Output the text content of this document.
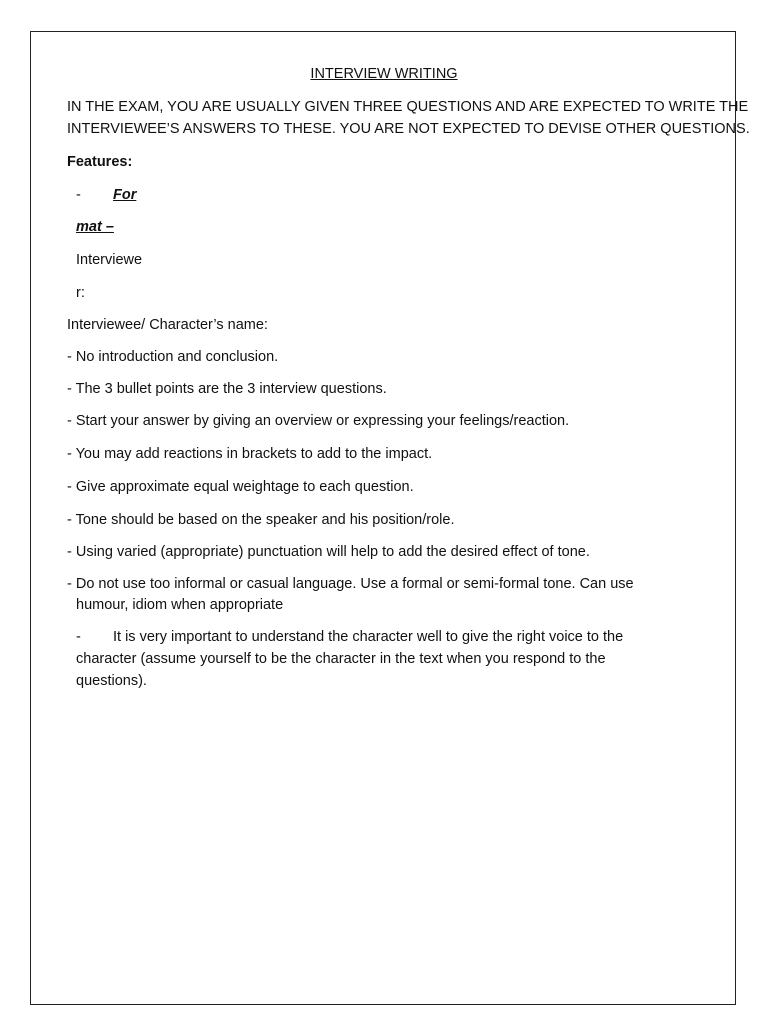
INTERVIEW WRITING

IN THE EXAM, YOU ARE USUALLY GIVEN THREE QUESTIONS AND ARE EXPECTED TO WRITE THE

INTERVIEWEE’S ANSWERS TO THESE. YOU ARE NOT EXPECTED TO DEVISE OTHER QUESTIONS.

Features:

- For

mat –

Interviewe

r:

Interviewee/ Character’s name:

- No introduction and conclusion.

- The 3 bullet points are the 3 interview questions.

- Start your answer by giving an overview or expressing your feelings/reaction.

- You may add reactions in brackets to add to the impact.

- Give approximate equal weightage to each question.

- Tone should be based on the speaker and his position/role.

- Using varied (appropriate) punctuation will help to add the desired effect of tone.

- Do not use too informal or casual language. Use a formal or semi-formal tone. Can use

humour, idiom when appropriate

- It is very important to understand the character well to give the right voice to the

character (assume yourself to be the character in the text when you respond to the

questions).
